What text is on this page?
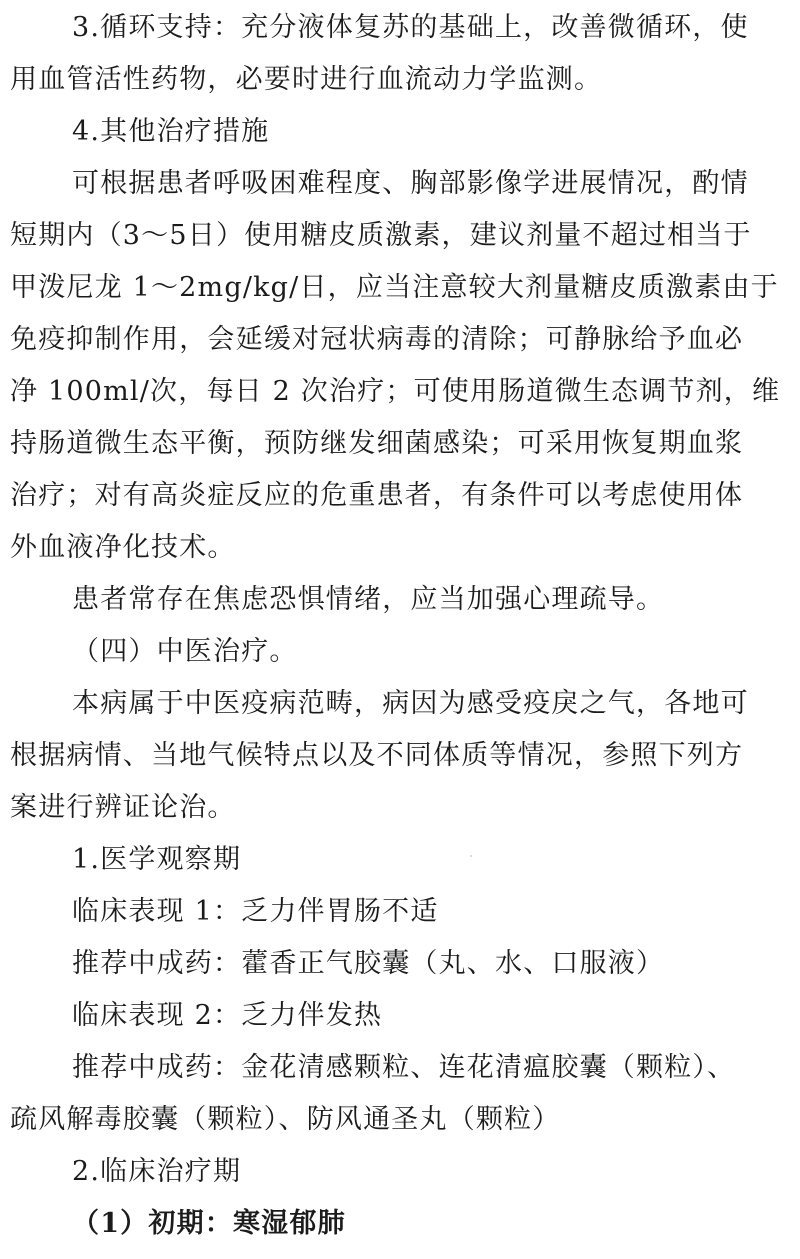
3.循环支持：充分液体复苏的基础上，改善微循环，使
用血管活性药物，必要时进行血流动力学监测。
4.其他治疗措施
可根据患者呼吸困难程度、胸部影像学进展情况，酌情
短期内（3～5日）使用糖皮质激素，建议剂量不超过相当于
甲泼尼龙 1～2mg/kg/日，应当注意较大剂量糖皮质激素由于
免疫抑制作用，会延缓对冠状病毒的清除；可静脉给予血必
净 100ml/次，每日 2 次治疗；可使用肠道微生态调节剂，维
持肠道微生态平衡，预防继发细菌感染；可采用恢复期血浆
治疗；对有高炎症反应的危重患者，有条件可以考虑使用体
外血液净化技术。
患者常存在焦虑恐惧情绪，应当加强心理疏导。
（四）中医治疗。
本病属于中医疫病范畴，病因为感受疫戾之气，各地可
根据病情、当地气候特点以及不同体质等情况，参照下列方
案进行辨证论治。
1.医学观察期
临床表现 1：乏力伴胃肠不适
推荐中成药：藿香正气胶囊（丸、水、口服液）
临床表现 2：乏力伴发热
推荐中成药：金花清感颗粒、连花清瘟胶囊（颗粒）、
疏风解毒胶囊（颗粒）、防风通圣丸（颗粒）
2.临床治疗期
（1）初期：寒湿郁肺
